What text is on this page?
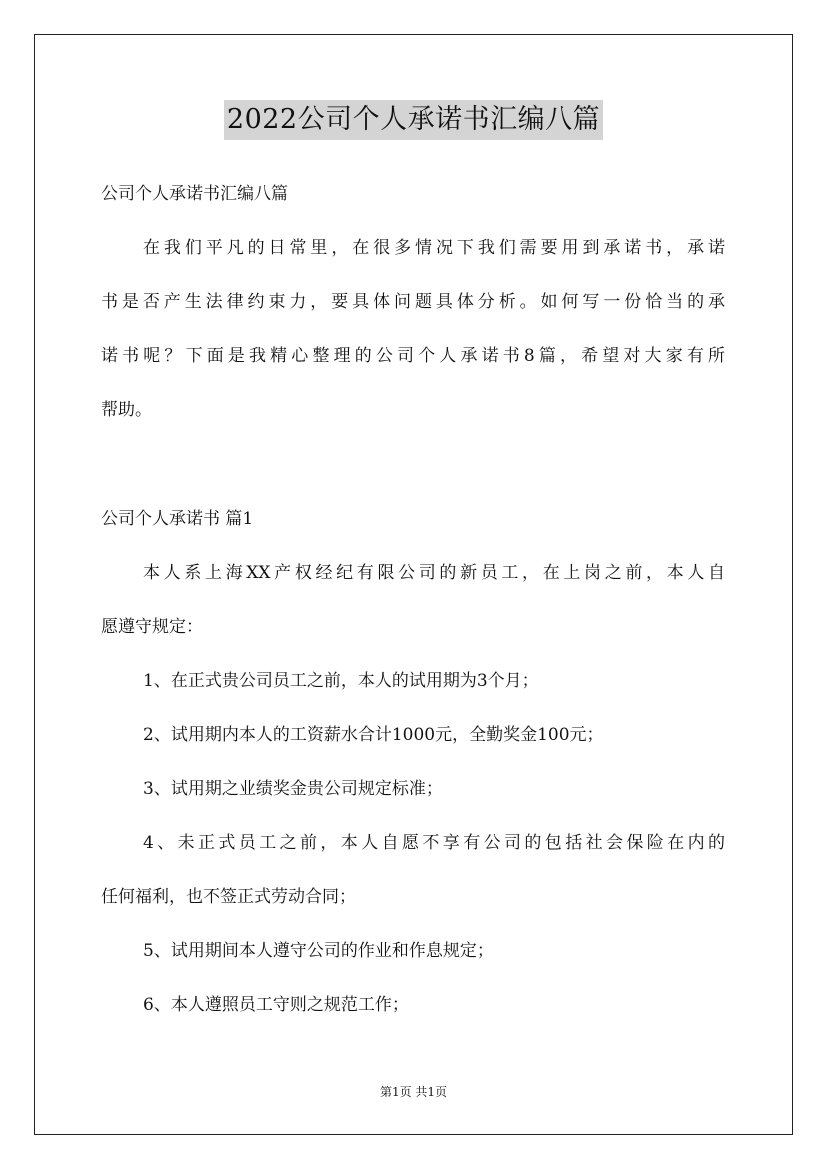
2022公司个人承诺书汇编八篇
公司个人承诺书汇编八篇
在我们平凡的日常里，在很多情况下我们需要用到承诺书，承诺
书是否产生法律约束力，要具体问题具体分析。如何写一份恰当的承
诺书呢？下面是我精心整理的公司个人承诺书8篇，希望对大家有所
帮助。
公司个人承诺书 篇1
本人系上海XX产权经纪有限公司的新员工，在上岗之前，本人自
愿遵守规定：
1、在正式贵公司员工之前，本人的试用期为3个月；
2、试用期内本人的工资薪水合计1000元，全勤奖金100元；
3、试用期之业绩奖金贵公司规定标准；
4、未正式员工之前，本人自愿不享有公司的包括社会保险在内的
任何福利，也不签正式劳动合同；
5、试用期间本人遵守公司的作业和作息规定；
6、本人遵照员工守则之规范工作；
第1页 共1页
